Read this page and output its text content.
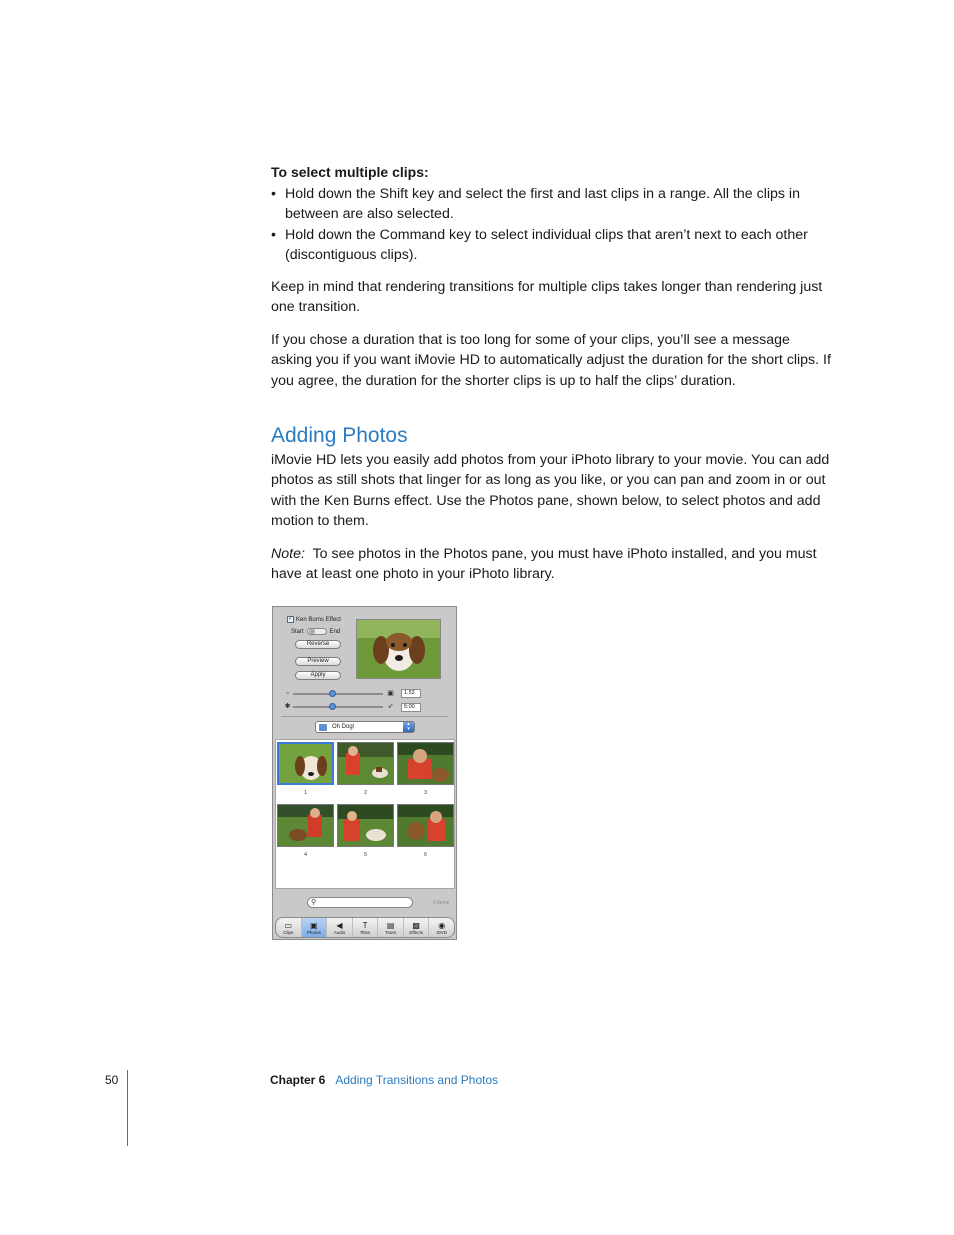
To select multiple clips:
• Hold down the Shift key and select the first and last clips in a range. All the clips in between are also selected.
• Hold down the Command key to select individual clips that aren’t next to each other (discontiguous clips).
Keep in mind that rendering transitions for multiple clips takes longer than rendering just one transition.
If you chose a duration that is too long for some of your clips, you’ll see a message asking you if you want iMovie HD to automatically adjust the duration for the short clips. If you agree, the duration for the shorter clips is up to half the clips’ duration.
Adding Photos
iMovie HD lets you easily add photos from your iPhoto library to your movie. You can add photos as still shots that linger for as long as you like, or you can pan and zoom in or out with the Ken Burns effect. Use the Photos pane, shown below, to select photos and add motion to them.
Note: To see photos in the Photos pane, you must have iPhoto installed, and you must have at least one photo in your iPhoto library.
✓ Ken Burns Effect
Start	End
Reverse
Preview
Apply
▫	▣	1.53
✱	➶	5:00
Oh Dog!	▴
▾
1	2	3
4	5	6
⚲	6 items
▭
Clips
▣
Photos
◀
Audio
T
Titles
▤
Trans
▩
Effects
◉
iDVD
50	Chapter 6 Adding Transitions and Photos
